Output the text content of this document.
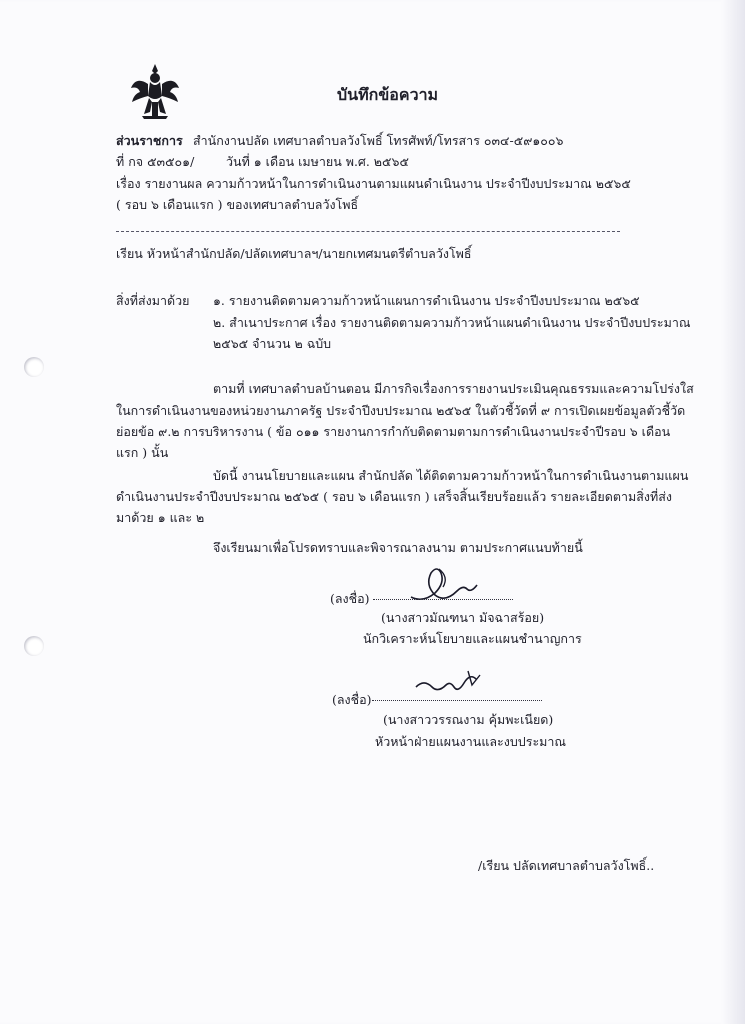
บันทึกข้อความ
ส่วนราชการ สำนักงานปลัด เทศบาลตำบลวังโพธิ์ โทรศัพท์/โทรสาร ๐๓๔-๕๙๑๐๐๖
ที่ กจ ๕๓๕๐๑/	วันที่ ๑ เดือน เมษายน พ.ศ. ๒๕๖๕
เรื่อง รายงานผล ความก้าวหน้าในการดำเนินงานตามแผนดำเนินงาน ประจำปีงบประมาณ ๒๕๖๕
( รอบ ๖ เดือนแรก ) ของเทศบาลตำบลวังโพธิ์
เรียน หัวหน้าสำนักปลัด/ปลัดเทศบาลฯ/นายกเทศมนตรีตำบลวังโพธิ์
สิ่งที่ส่งมาด้วย ๑. รายงานติดตามความก้าวหน้าแผนการดำเนินงาน ประจำปีงบประมาณ ๒๕๖๕
๒. สำเนาประกาศ เรื่อง รายงานติดตามความก้าวหน้าแผนดำเนินงาน ประจำปีงบประมาณ
๒๕๖๕ จำนวน ๒ ฉบับ
ตามที่ เทศบาลตำบลบ้านตอน มีภารกิจเรื่องการรายงานประเมินคุณธรรมและความโปร่งใส
ในการดำเนินงานของหน่วยงานภาครัฐ ประจำปีงบประมาณ ๒๕๖๕ ในตัวชี้วัดที่ ๙ การเปิดเผยข้อมูลตัวชี้วัด
ย่อยข้อ ๙.๒ การบริหารงาน ( ข้อ ๐๑๑ รายงานการกำกับติดตามตามการดำเนินงานประจำปีรอบ ๖ เดือน
แรก ) นั้น
บัดนี้ งานนโยบายและแผน สำนักปลัด ได้ติดตามความก้าวหน้าในการดำเนินงานตามแผน
ดำเนินงานประจำปีงบประมาณ ๒๕๖๕ ( รอบ ๖ เดือนแรก ) เสร็จสิ้นเรียบร้อยแล้ว รายละเอียดตามสิ่งที่ส่ง
มาด้วย ๑ และ ๒
จึงเรียนมาเพื่อโปรดทราบและพิจารณาลงนาม ตามประกาศแนบท้ายนี้
(ลงชื่อ)
(นางสาวมัณฑนา มัจฉาสร้อย)
นักวิเคราะห์นโยบายและแผนชำนาญการ
(ลงชื่อ)
(นางสาววรรณงาม คุ้มพะเนียด)
หัวหน้าฝ่ายแผนงานและงบประมาณ
/เรียน ปลัดเทศบาลตำบลวังโพธิ์..
